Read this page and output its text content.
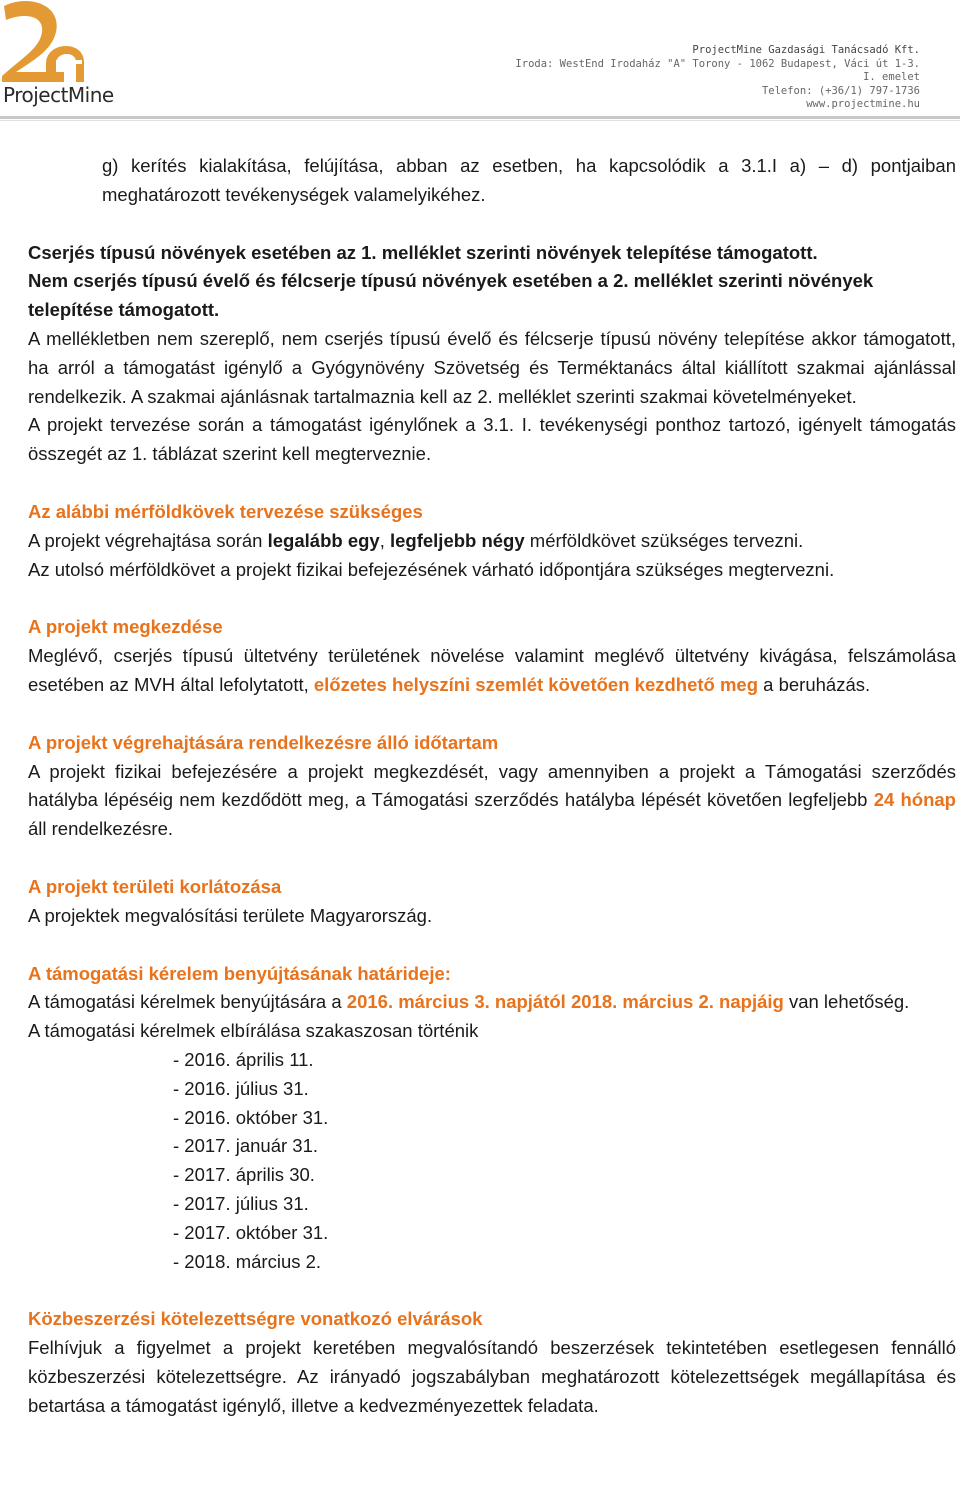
ProjectMine
ProjectMine Gazdasági Tanácsadó Kft.
Iroda: WestEnd Irodaház "A" Torony - 1062 Budapest, Váci út 1-3. I. emelet
Telefon: (+36/1) 797-1736
www.projectmine.hu

g) kerítés kialakítása, felújítása, abban az esetben, ha kapcsolódik a 3.1.I a) – d) pontjaiban meghatározott tevékenységek valamelyikéhez.

Cserjés típusú növények esetében az 1. melléklet szerinti növények telepítése támogatott.

Nem cserjés típusú évelő és félcserje típusú növények esetében a 2. melléklet szerinti növények telepítése támogatott.

A mellékletben nem szereplő, nem cserjés típusú évelő és félcserje típusú növény telepítése akkor támogatott, ha arról a támogatást igénylő a Gyógynövény Szövetség és Terméktanács által kiállított szakmai ajánlással rendelkezik. A szakmai ajánlásnak tartalmaznia kell az 2. melléklet szerinti szakmai követelményeket.

A projekt tervezése során a támogatást igénylőnek a 3.1. I. tevékenységi ponthoz tartozó, igényelt támogatás összegét az 1. táblázat szerint kell megterveznie.

Az alábbi mérföldkövek tervezése szükséges

A projekt végrehajtása során legalább egy, legfeljebb négy mérföldkövet szükséges tervezni.

Az utolsó mérföldkövet a projekt fizikai befejezésének várható időpontjára szükséges megtervezni.

A projekt megkezdése

Meglévő, cserjés típusú ültetvény területének növelése valamint meglévő ültetvény kivágása, felszámolása esetében az MVH által lefolytatott, előzetes helyszíni szemlét követően kezdhető meg a beruházás.

A projekt végrehajtására rendelkezésre álló időtartam

A projekt fizikai befejezésére a projekt megkezdését, vagy amennyiben a projekt a Támogatási szerződés hatályba lépéséig nem kezdődött meg, a Támogatási szerződés hatályba lépését követően legfeljebb 24 hónap áll rendelkezésre.

A projekt területi korlátozása

A projektek megvalósítási területe Magyarország.

A támogatási kérelem benyújtásának határideje:

A támogatási kérelmek benyújtására a 2016. március 3. napjától 2018. március 2. napjáig van lehetőség.

A támogatási kérelmek elbírálása szakaszosan történik

- 2016. április 11.

- 2016. július 31.

- 2016. október 31.

- 2017. január 31.

- 2017. április 30.

- 2017. július 31.

- 2017. október 31.

- 2018. március 2.

Közbeszerzési kötelezettségre vonatkozó elvárások

Felhívjuk a figyelmet a projekt keretében megvalósítandó beszerzések tekintetében esetlegesen fennálló közbeszerzési kötelezettségre. Az irányadó jogszabályban meghatározott kötelezettségek megállapítása és betartása a támogatást igénylő, illetve a kedvezményezettek feladata.
